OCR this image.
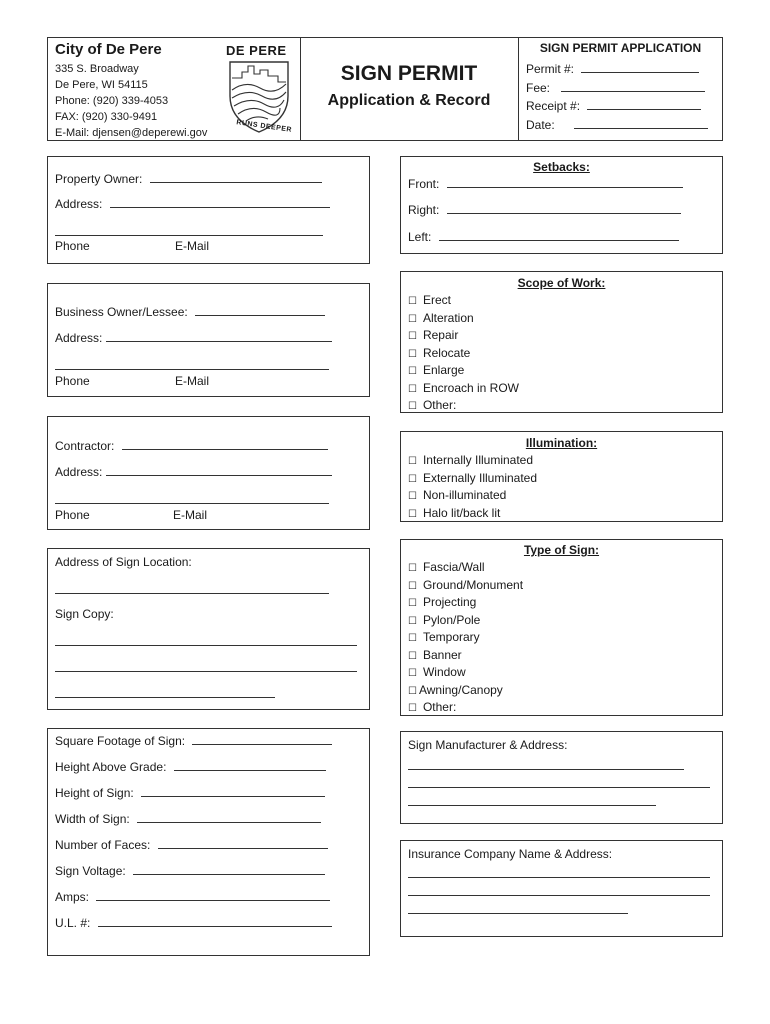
City of De Pere
335 S. Broadway
De Pere, WI 54115
Phone: (920) 339-4053
FAX: (920) 330-9491
E-Mail: djensen@deperewi.gov
DE PERE
RUNS DEEPER
SIGN PERMIT
Application & Record
SIGN PERMIT APPLICATION
Permit #:
Fee:
Receipt #:
Date:
Property Owner:
Address:
Phone	E-Mail
Business Owner/Lessee:
Address:
Phone	E-Mail
Contractor:
Address:
Phone	E-Mail
Address of Sign Location:
Sign Copy:
Square Footage of Sign:
Height Above Grade:
Height of Sign:
Width of Sign:
Number of Faces:
Sign Voltage:
Amps:
U.L. #:
Setbacks:
Front:
Right:
Left:
Scope of Work:
☐ Erect
☐ Alteration
☐ Repair
☐ Relocate
☐ Enlarge
☐ Encroach in ROW
☐ Other:
Illumination:
☐ Internally Illuminated
☐ Externally Illuminated
☐ Non-illuminated
☐ Halo lit/back lit
Type of Sign:
☐ Fascia/Wall
☐ Ground/Monument
☐ Projecting
☐ Pylon/Pole
☐ Temporary
☐ Banner
☐ Window
☐ Awning/Canopy
☐ Other:
Sign Manufacturer & Address:
Insurance Company Name & Address:
